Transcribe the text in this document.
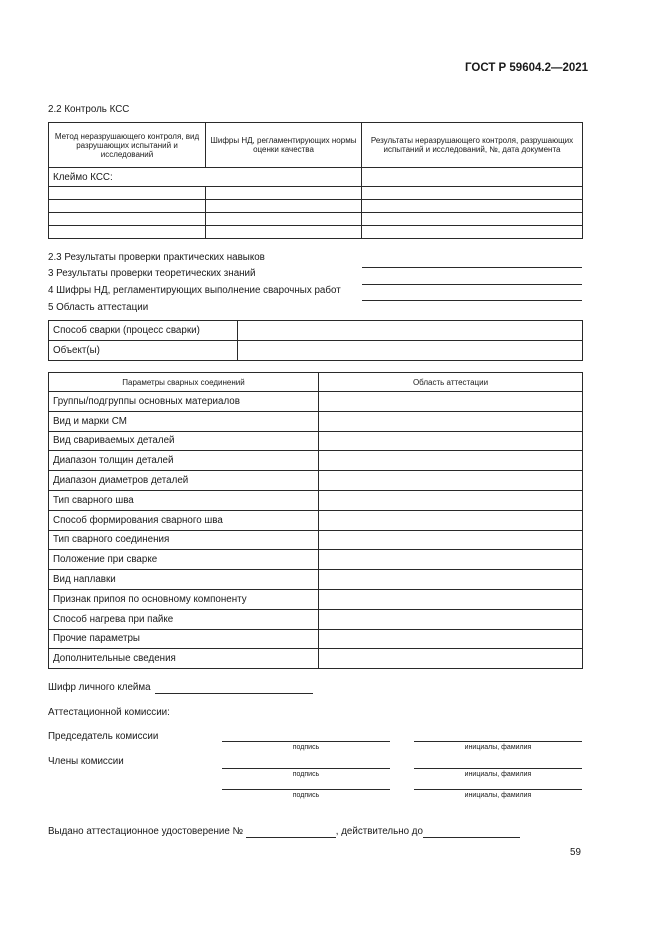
ГОСТ Р 59604.2—2021
2.2 Контроль КСС
Метод неразрушающего контроля, вид разрушающих испытаний и исследований	Шифры НД, регламентирующих нормы оценки качества	Результаты неразрушающего контроля, разрушающих испытаний и исследований, №, дата документа
Клеймо КСС:		

2.3 Результаты проверки практических навыков
3 Результаты проверки теоретических знаний
4 Шифры НД, регламентирующих выполнение сварочных работ
5 Область аттестации
Способ сварки (процесс сварки)	
Объект(ы)	
Параметры сварных соединений	Область аттестации
Группы/подгруппы основных материалов	
Вид и марки СМ	
Вид свариваемых деталей	
Диапазон толщин деталей	
Диапазон диаметров деталей	
Тип сварного шва	
Способ формирования сварного шва	
Тип сварного соединения	
Положение при сварке	
Вид наплавки	
Признак припоя по основному компоненту	
Способ нагрева при пайке	
Прочие параметры	
Дополнительные сведения	
Шифр личного клейма
Аттестационной комиссии:
Председатель комиссии
подпись	инициалы, фамилия
Члены комиссии
подпись	инициалы, фамилия
подпись	инициалы, фамилия
Выдано аттестационное удостоверение №	, действительно до
59
